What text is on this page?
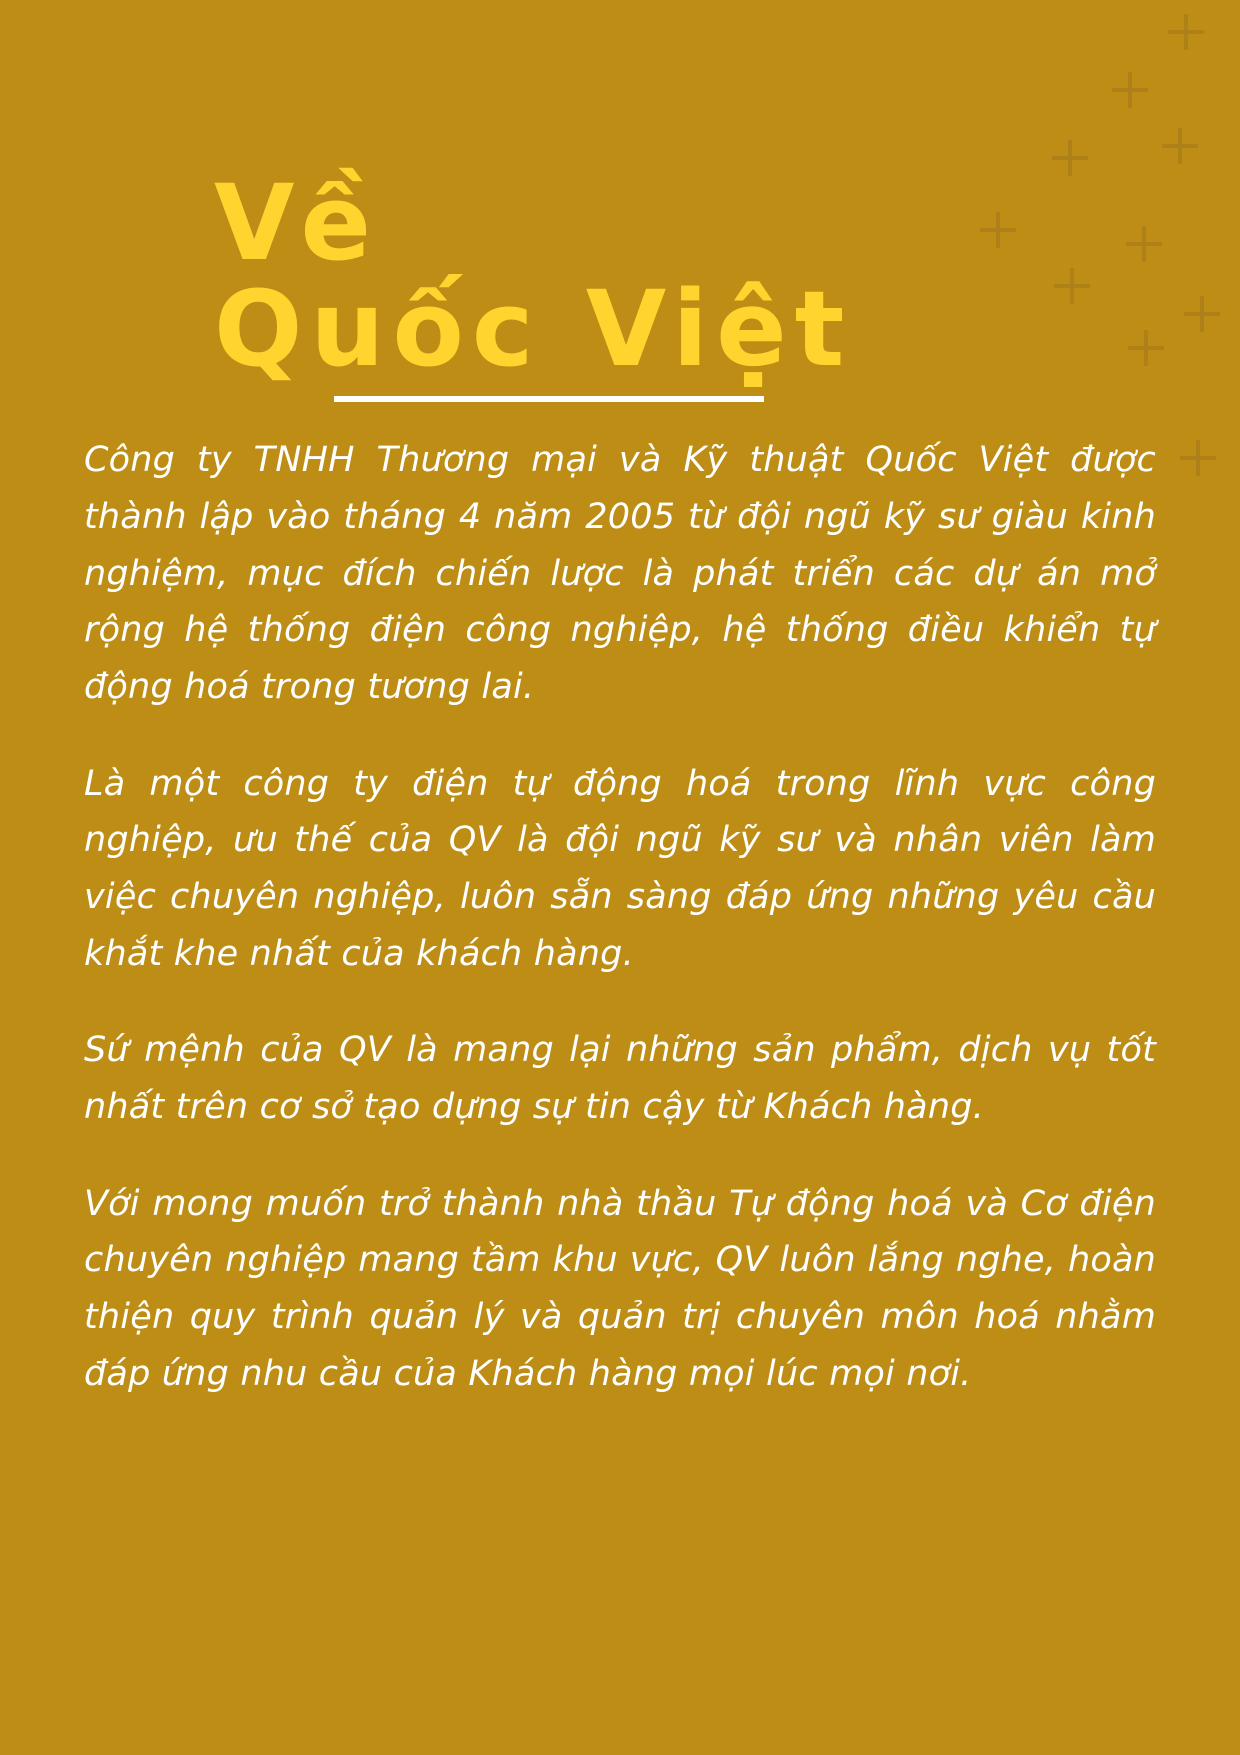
Về
Quốc Việt

Công ty TNHH Thương mại và Kỹ thuật Quốc Việt được thành lập vào tháng 4 năm 2005 từ đội ngũ kỹ sư giàu kinh nghiệm, mục đích chiến lược là phát triển các dự án mở rộng hệ thống điện công nghiệp, hệ thống điều khiển tự động hoá trong tương lai.

Là một công ty điện tự động hoá trong lĩnh vực công nghiệp, ưu thế của QV là đội ngũ kỹ sư và nhân viên làm việc chuyên nghiệp, luôn sẵn sàng đáp ứng những yêu cầu khắt khe nhất của khách hàng.

Sứ mệnh của QV là mang lại những sản phẩm, dịch vụ tốt nhất trên cơ sở tạo dựng sự tin cậy từ Khách hàng.

Với mong muốn trở thành nhà thầu Tự động hoá và Cơ điện chuyên nghiệp mang tầm khu vực, QV luôn lắng nghe, hoàn thiện quy trình quản lý và quản trị chuyên môn hoá nhằm đáp ứng nhu cầu của Khách hàng mọi lúc mọi nơi.
